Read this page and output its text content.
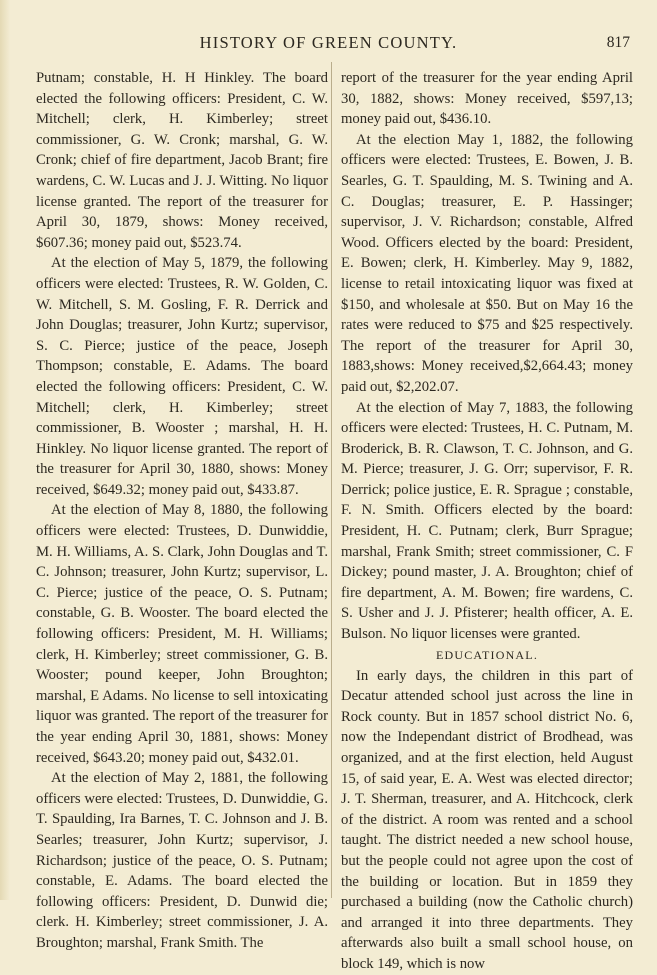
HISTORY OF GREEN COUNTY.	817

Putnam; constable, H. H Hinkley. The board elected the following officers: President, C. W. Mitchell; clerk, H. Kimberley; street commissioner, G. W. Cronk; marshal, G. W. Cronk; chief of fire department, Jacob Brant; fire wardens, C. W. Lucas and J. J. Witting. No liquor license granted. The report of the treasurer for April 30, 1879, shows: Money received, $607.36; money paid out, $523.74.

At the election of May 5, 1879, the following officers were elected: Trustees, R. W. Golden, C. W. Mitchell, S. M. Gosling, F. R. Derrick and John Douglas; treasurer, John Kurtz; supervisor, S. C. Pierce; justice of the peace, Joseph Thompson; constable, E. Adams. The board elected the following officers: President, C. W. Mitchell; clerk, H. Kimberley; street commissioner, B. Wooster ; marshal, H. H. Hinkley. No liquor license granted. The report of the treasurer for April 30, 1880, shows: Money received, $649.32; money paid out, $433.87.

At the election of May 8, 1880, the following officers were elected: Trustees, D. Dunwiddie, M. H. Williams, A. S. Clark, John Douglas and T. C. Johnson; treasurer, John Kurtz; supervisor, L. C. Pierce; justice of the peace, O. S. Putnam; constable, G. B. Wooster. The board elected the following officers: President, M. H. Williams; clerk, H. Kimberley; street commissioner, G. B. Wooster; pound keeper, John Broughton; marshal, E Adams. No license to sell intoxicating liquor was granted. The report of the treasurer for the year ending April 30, 1881, shows: Money received, $643.20; money paid out, $432.01.

At the election of May 2, 1881, the following officers were elected: Trustees, D. Dunwiddie, G. T. Spaulding, Ira Barnes, T. C. Johnson and J. B. Searles; treasurer, John Kurtz; supervisor, J. Richardson; justice of the peace, O. S. Putnam; constable, E. Adams. The board elected the following officers: President, D. Dunwid die; clerk. H. Kimberley; street commissioner, J. A. Broughton; marshal, Frank Smith. The

report of the treasurer for the year ending April 30, 1882, shows: Money received, $597,13; money paid out, $436.10.

At the election May 1, 1882, the following officers were elected: Trustees, E. Bowen, J. B. Searles, G. T. Spaulding, M. S. Twining and A. C. Douglas; treasurer, E. P. Hassinger; supervisor, J. V. Richardson; constable, Alfred Wood. Officers elected by the board: President, E. Bowen; clerk, H. Kimberley. May 9, 1882, license to retail intoxicating liquor was fixed at $150, and wholesale at $50. But on May 16 the rates were reduced to $75 and $25 respectively. The report of the treasurer for April 30, 1883,shows: Money received,$2,664.43; money paid out, $2,202.07.

At the election of May 7, 1883, the following officers were elected: Trustees, H. C. Putnam, M. Broderick, B. R. Clawson, T. C. Johnson, and G. M. Pierce; treasurer, J. G. Orr; supervisor, F. R. Derrick; police justice, E. R. Sprague ; constable, F. N. Smith. Officers elected by the board: President, H. C. Putnam; clerk, Burr Sprague; marshal, Frank Smith; street commissioner, C. F Dickey; pound master, J. A. Broughton; chief of fire department, A. M. Bowen; fire wardens, C. S. Usher and J. J. Pfisterer; health officer, A. E. Bulson. No liquor licenses were granted.

EDUCATIONAL.

In early days, the children in this part of Decatur attended school just across the line in Rock county. But in 1857 school district No. 6, now the Independant district of Brodhead, was organized, and at the first election, held August 15, of said year, E. A. West was elected director; J. T. Sherman, treasurer, and A. Hitchcock, clerk of the district. A room was rented and a school taught. The district needed a new school house, but the people could not agree upon the cost of the building or location. But in 1859 they purchased a building (now the Catholic church) and arranged it into three departments. They afterwards also built a small school house, on block 149, which is now
